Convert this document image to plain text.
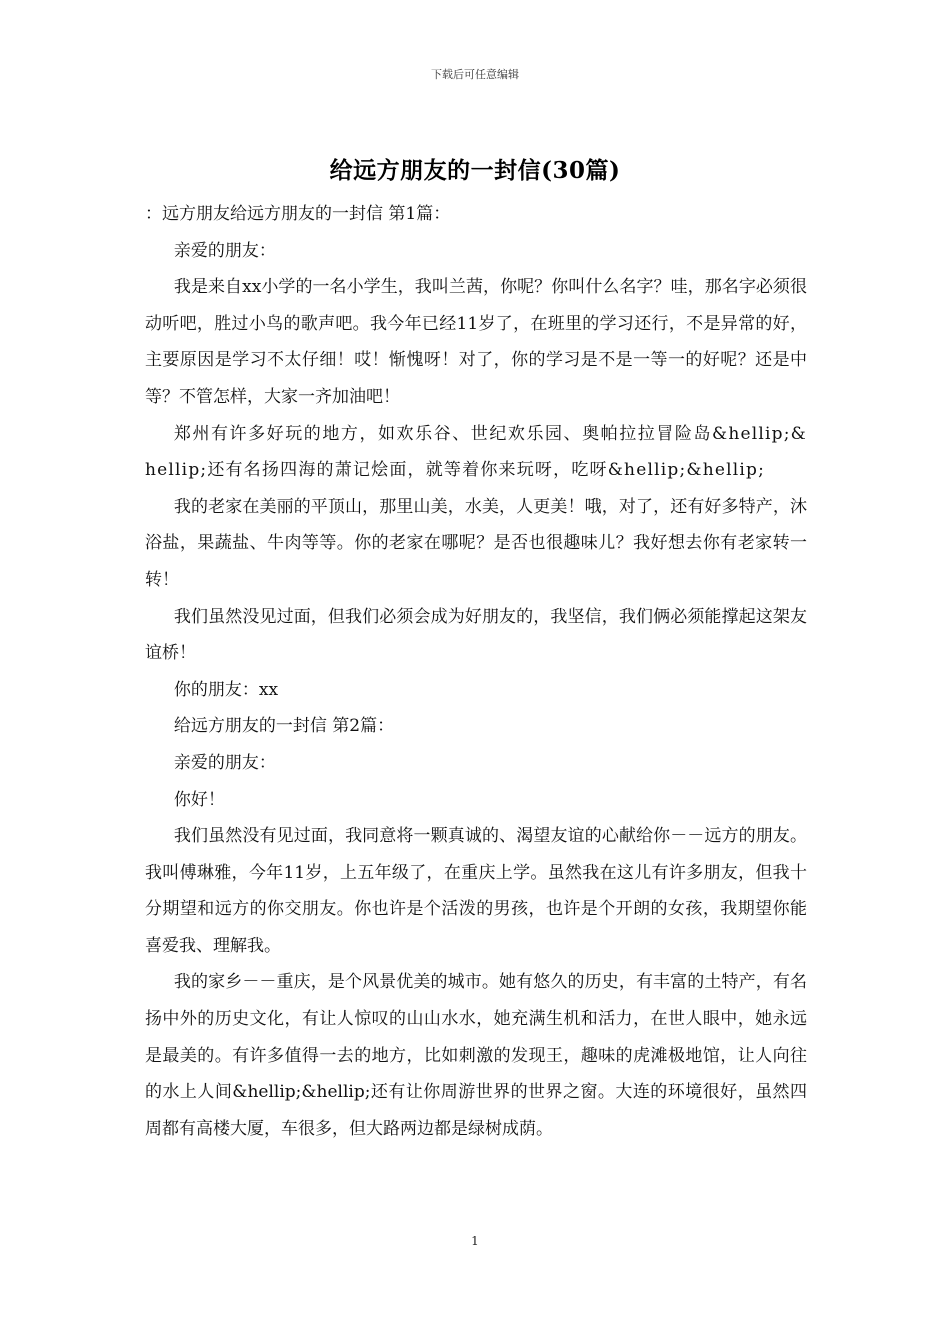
下载后可任意编辑
给远方朋友的一封信(30篇)

：远方朋友给远方朋友的一封信 第1篇：

亲爱的朋友：

我是来自xx小学的一名小学生，我叫兰茜，你呢？你叫什么名字？哇，那名字必须很动听吧，胜过小鸟的歌声吧。我今年已经11岁了，在班里的学习还行，不是异常的好，主要原因是学习不太仔细！哎！惭愧呀！对了，你的学习是不是一等一的好呢？还是中等？不管怎样，大家一齐加油吧！

郑州有许多好玩的地方，如欢乐谷、世纪欢乐园、奥帕拉拉冒险岛&hellip;&hellip;还有名扬四海的萧记烩面，就等着你来玩呀，吃呀&hellip;&hellip;

我的老家在美丽的平顶山，那里山美，水美，人更美！哦，对了，还有好多特产，沐浴盐，果蔬盐、牛肉等等。你的老家在哪呢？是否也很趣味儿？我好想去你有老家转一转！

我们虽然没见过面，但我们必须会成为好朋友的，我坚信，我们俩必须能撑起这架友谊桥！

你的朋友：xx

给远方朋友的一封信 第2篇：

亲爱的朋友：

你好！

我们虽然没有见过面，我同意将一颗真诚的、渴望友谊的心献给你－－远方的朋友。我叫傅琳雅，今年11岁，上五年级了，在重庆上学。虽然我在这儿有许多朋友，但我十分期望和远方的你交朋友。你也许是个活泼的男孩，也许是个开朗的女孩，我期望你能喜爱我、理解我。

我的家乡－－重庆，是个风景优美的城市。她有悠久的历史，有丰富的土特产，有名扬中外的历史文化，有让人惊叹的山山水水，她充满生机和活力，在世人眼中，她永远是最美的。有许多值得一去的地方，比如刺激的发现王，趣味的虎滩极地馆，让人向往的水上人间&hellip;&hellip;还有让你周游世界的世界之窗。大连的环境很好，虽然四周都有高楼大厦，车很多，但大路两边都是绿树成荫。

1
